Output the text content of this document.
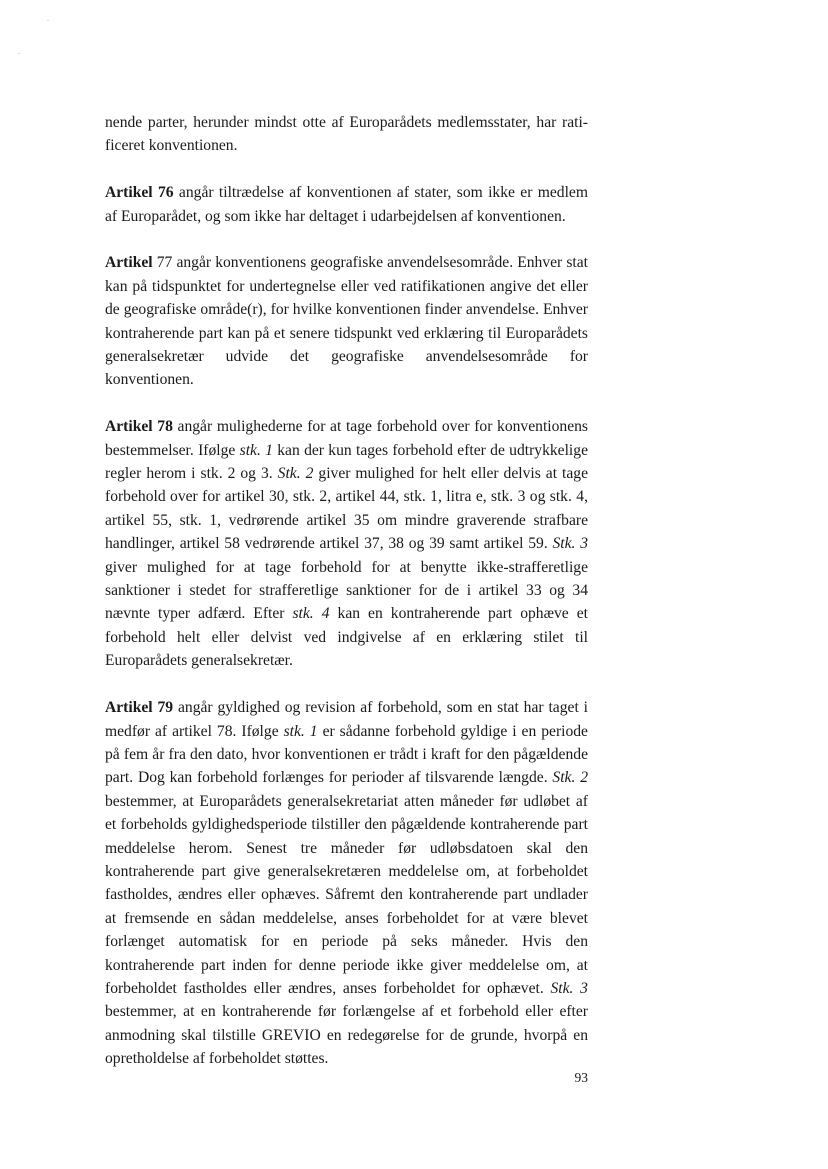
nende parter, herunder mindst otte af Europarådets medlemsstater, har ratificeret konventionen.

Artikel 76 angår tiltrædelse af konventionen af stater, som ikke er medlem af Europarådet, og som ikke har deltaget i udarbejdelsen af konventionen.

Artikel 77 angår konventionens geografiske anvendelsesområde. Enhver stat kan på tidspunktet for undertegnelse eller ved ratifikationen angive det eller de geografiske område(r), for hvilke konventionen finder anvendelse. Enhver kontraherende part kan på et senere tidspunkt ved erklæring til Europarådets generalsekretær udvide det geografiske anvendelsesområde for konventionen.

Artikel 78 angår mulighederne for at tage forbehold over for konventionens bestemmelser. Ifølge stk. 1 kan der kun tages forbehold efter de udtrykkelige regler herom i stk. 2 og 3. Stk. 2 giver mulighed for helt eller delvis at tage forbehold over for artikel 30, stk. 2, artikel 44, stk. 1, litra e, stk. 3 og stk. 4, artikel 55, stk. 1, vedrørende artikel 35 om mindre graverende strafbare handlinger, artikel 58 vedrørende artikel 37, 38 og 39 samt artikel 59. Stk. 3 giver mulighed for at tage forbehold for at benytte ikke-strafferetlige sanktioner i stedet for strafferetlige sanktioner for de i artikel 33 og 34 nævnte typer adfærd. Efter stk. 4 kan en kontraherende part ophæve et forbehold helt eller delvist ved indgivelse af en erklæring stilet til Europarådets generalsekretær.

Artikel 79 angår gyldighed og revision af forbehold, som en stat har taget i medfør af artikel 78. Ifølge stk. 1 er sådanne forbehold gyldige i en periode på fem år fra den dato, hvor konventionen er trådt i kraft for den pågældende part. Dog kan forbehold forlænges for perioder af tilsvarende længde. Stk. 2 bestemmer, at Europarådets generalsekretariat atten måneder før udløbet af et forbeholds gyldighedsperiode tilstiller den pågældende kontraherende part meddelelse herom. Senest tre måneder før udløbsdatoen skal den kontraherende part give generalsekretæren meddelelse om, at forbeholdet fastholdes, ændres eller ophæves. Såfremt den kontraherende part undlader at fremsende en sådan meddelelse, anses forbeholdet for at være blevet forlænget automatisk for en periode på seks måneder. Hvis den kontraherende part inden for denne periode ikke giver meddelelse om, at forbeholdet fastholdes eller ændres, anses forbeholdet for ophævet. Stk. 3 bestemmer, at en kontraherende før forlængelse af et forbehold eller efter anmodning skal tilstille GREVIO en redegørelse for de grunde, hvorpå en opretholdelse af forbeholdet støttes.

93
